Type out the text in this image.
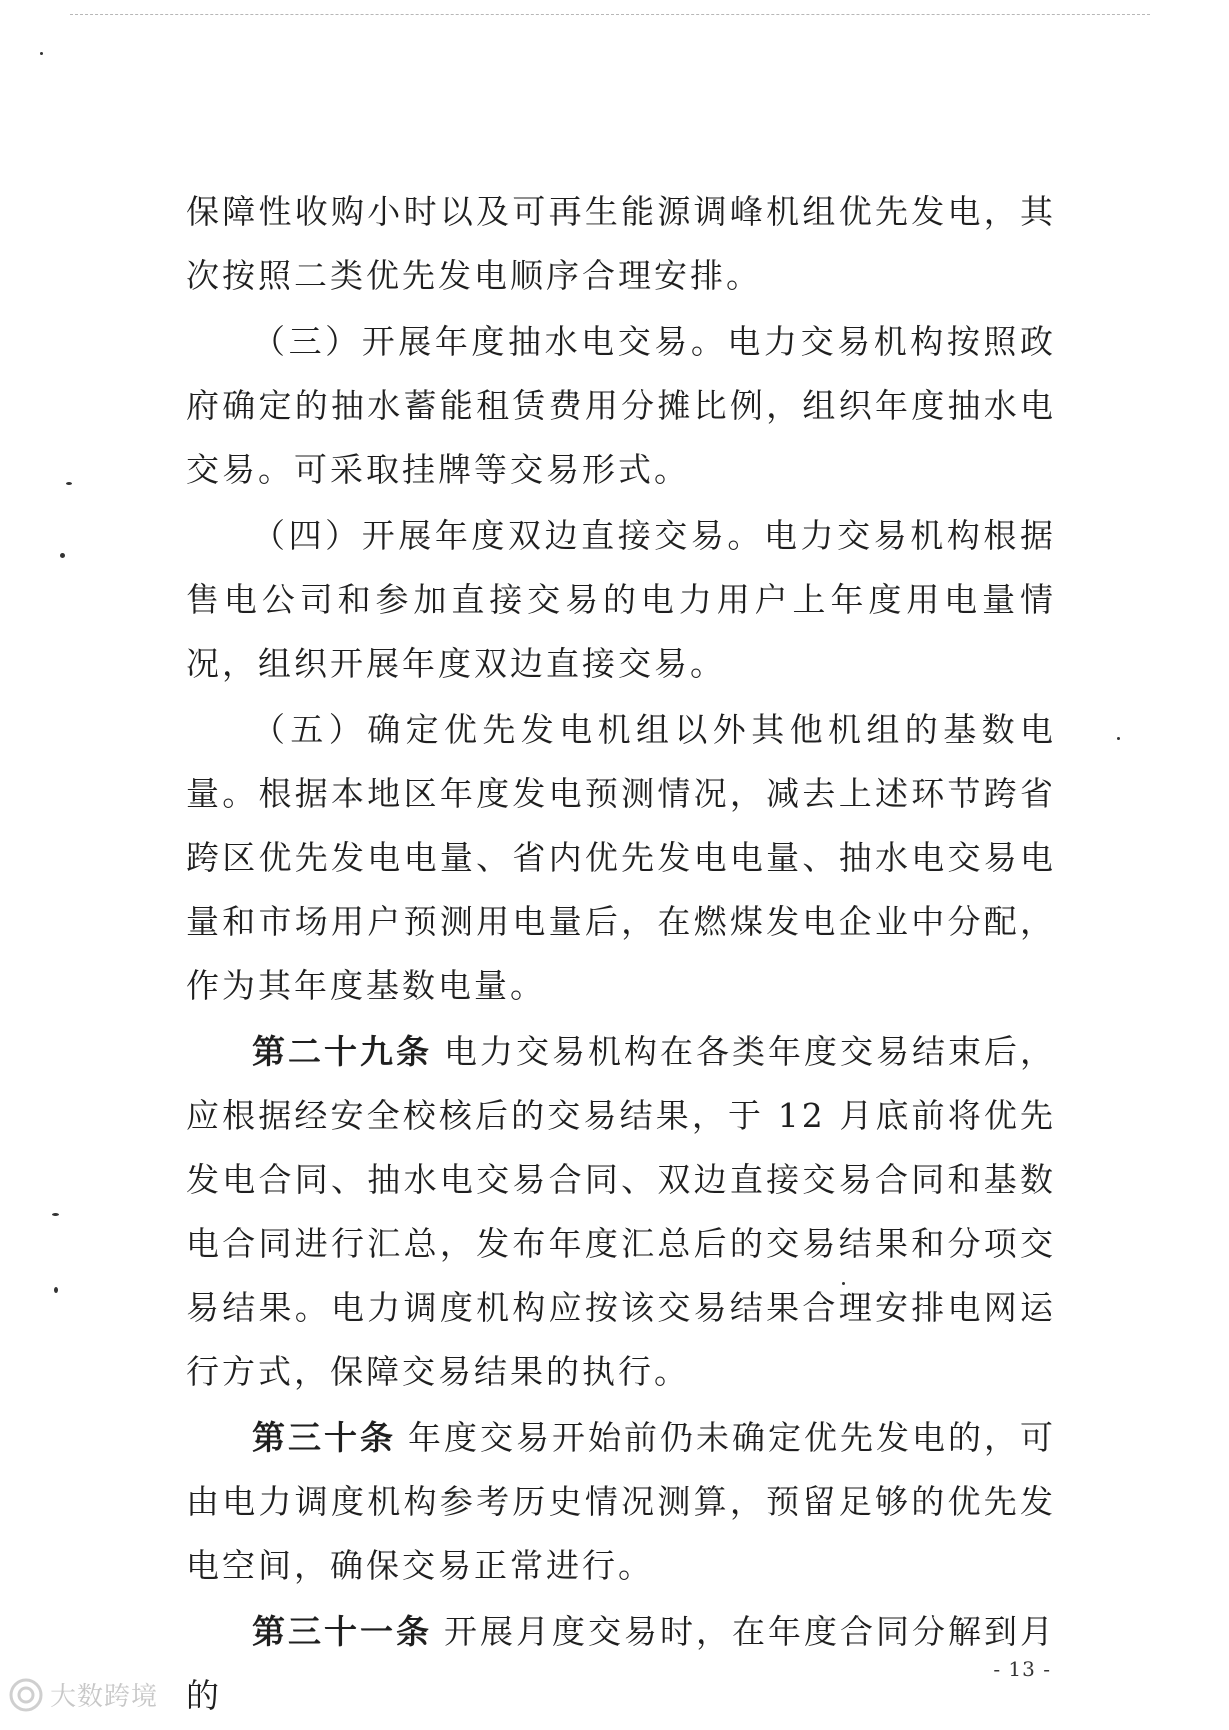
保障性收购小时以及可再生能源调峰机组优先发电，其次按照二类优先发电顺序合理安排。

（三）开展年度抽水电交易。电力交易机构按照政府确定的抽水蓄能租赁费用分摊比例，组织年度抽水电交易。可采取挂牌等交易形式。

（四）开展年度双边直接交易。电力交易机构根据售电公司和参加直接交易的电力用户上年度用电量情况，组织开展年度双边直接交易。

（五）确定优先发电机组以外其他机组的基数电量。根据本地区年度发电预测情况，减去上述环节跨省跨区优先发电电量、省内优先发电电量、抽水电交易电量和市场用户预测用电量后，在燃煤发电企业中分配，作为其年度基数电量。

第二十九条 电力交易机构在各类年度交易结束后，应根据经安全校核后的交易结果，于 12 月底前将优先发电合同、抽水电交易合同、双边直接交易合同和基数电合同进行汇总，发布年度汇总后的交易结果和分项交易结果。电力调度机构应按该交易结果合理安排电网运行方式，保障交易结果的执行。

第三十条 年度交易开始前仍未确定优先发电的，可由电力调度机构参考历史情况测算，预留足够的优先发电空间，确保交易正常进行。

第三十一条 开展月度交易时，在年度合同分解到月的

- 13 -
大数跨境
